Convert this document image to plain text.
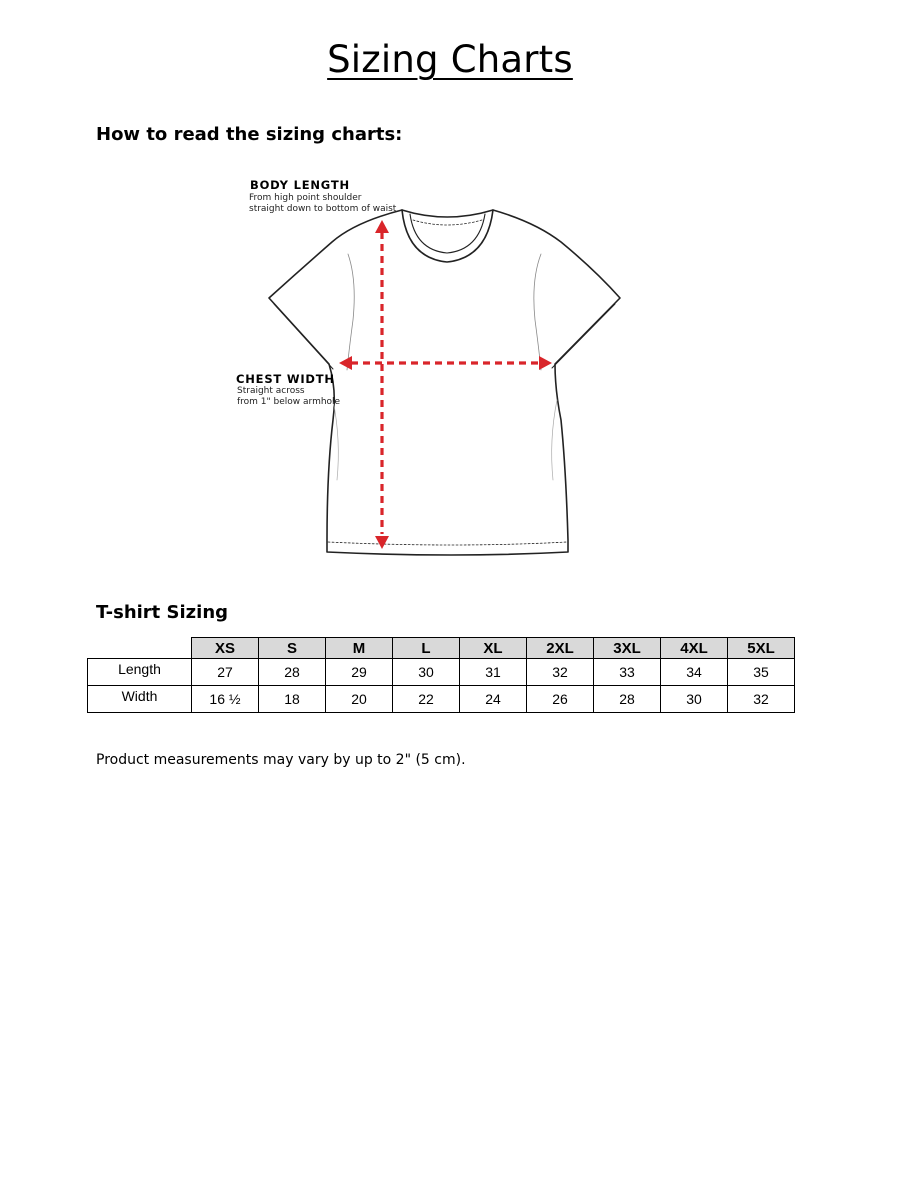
Sizing Charts
How to read the sizing charts:
BODY LENGTH
From high point shoulder
straight down to bottom of waist
CHEST WIDTH
Straight across
from 1" below armhole
T-shirt Sizing
	XS	S	M	L	XL	2XL	3XL	4XL	5XL
Length	27	28	29	30	31	32	33	34	35
Width	16 ½	18	20	22	24	26	28	30	32
Product measurements may vary by up to 2" (5 cm).
